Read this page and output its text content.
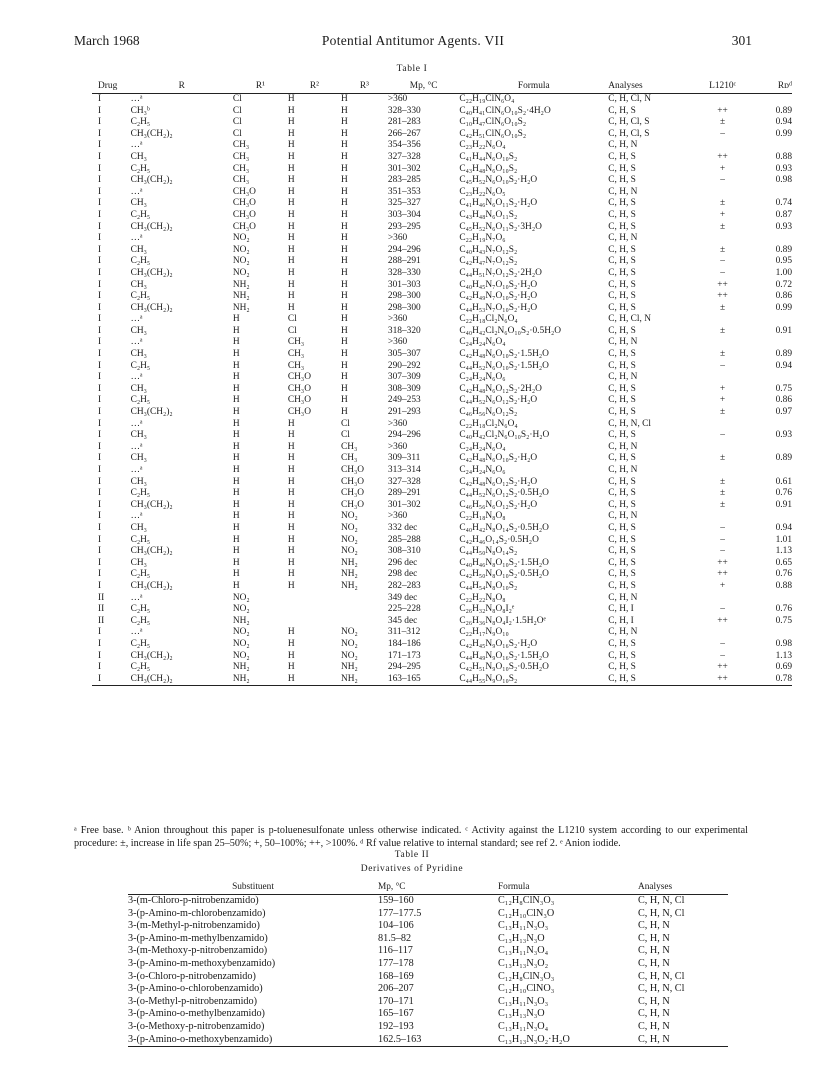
March 1968	Potential Antitumor Agents. VII	301
Table I
Drug	R	R¹	R²	R³	Mp, °C	Formula	Analyses	L1210ᶜ	Rᴅᵈ
I	…ᵃ	Cl	H	H	>360	C₂₂H₁₉ClN₆O₄	C, H, Cl, N		
I	CH₃ᵇ	Cl	H	H	328–330	C₄₀H₄₁ClN₆O₁₀S₂·4H₂O	C, H, S	++	0.89
I	C₂H₅	Cl	H	H	281–283	C₁₀H₄₇ClN₆O₁₀S₂	C, H, Cl, S	±	0.94
I	CH₃(CH₂)₂	Cl	H	H	266–267	C₄₂H₅₁ClN₆O₁₀S₂	C, H, Cl, S	–	0.99
I	…ᵃ	CH₃	H	H	354–356	C₂₃H₂₂N₆O₄	C, H, N		
I	CH₃	CH₃	H	H	327–328	C₄₁H₄₄N₆O₁₀S₂	C, H, S	++	0.88
I	C₂H₅	CH₃	H	H	301–302	C₄₃H₄₈N₆O₁₀S₂	C, H, S	+	0.93
I	CH₃(CH₂)₂	CH₃	H	H	283–285	C₄₅H₅₂N₆O₁₀S₂·H₂O	C, H, S	–	0.98
I	…ᵃ	CH₃O	H	H	351–353	C₂₃H₂₂N₆O₅	C, H, N		
I	CH₃	CH₃O	H	H	325–327	C₄₁H₄₆N₆O₁₁S₂·H₂O	C, H, S	±	0.74
I	C₂H₅	CH₃O	H	H	303–304	C₄₃H₄₈N₆O₁₁S₂	C, H, S	+	0.87
I	CH₃(CH₂)₂	CH₃O	H	H	293–295	C₄₅H₅₂N₆O₁₁S₂·3H₂O	C, H, S	±	0.93
I	…ᵃ	NO₂	H	H	>360	C₂₂H₁₉N₇O₆	C, H, N		
I	CH₃	NO₂	H	H	294–296	C₄₀H₄₃N₇O₁₂S₂	C, H, S	±	0.89
I	C₂H₅	NO₂	H	H	288–291	C₄₂H₄₇N₇O₁₂S₂	C, H, S	–	0.95
I	CH₃(CH₂)₂	NO₂	H	H	328–330	C₄₄H₅₁N₇O₁₂S₂·2H₂O	C, H, S	–	1.00
I	CH₃	NH₂	H	H	301–303	C₄₀H₄₅N₇O₁₀S₂·H₂O	C, H, S	++	0.72
I	C₂H₅	NH₂	H	H	298–300	C₄₂H₄₉N₇O₁₀S₂·H₂O	C, H, S	++	0.86
I	CH₃(CH₂)₂	NH₂	H	H	298–300	C₄₄H₅₃N₇O₁₀S₂·H₂O	C, H, S	±	0.99
I	…ᵃ	H	Cl	H	>360	C₂₂H₁₈Cl₂N₆O₄	C, H, Cl, N		
I	CH₃	H	Cl	H	318–320	C₄₀H₄₂Cl₂N₆O₁₀S₂·0.5H₂O	C, H, S	±	0.91
I	…ᵃ	H	CH₃	H	>360	C₂₄H₂₄N₆O₄	C, H, N		
I	CH₃	H	CH₃	H	305–307	C₄₂H₄₈N₆O₁₀S₂·1.5H₂O	C, H, S	±	0.89
I	C₂H₅	H	CH₃	H	290–292	C₄₄H₅₂N₆O₁₀S₂·1.5H₂O	C, H, S	–	0.94
I	…ᵃ	H	CH₃O	H	307–309	C₂₄H₂₄N₆O₆	C, H, N		
I	CH₃	H	CH₃O	H	308–309	C₄₂H₄₈N₆O₁₂S₂·2H₂O	C, H, S	+	0.75
I	C₂H₅	H	CH₃O	H	249–253	C₄₄H₅₂N₆O₁₂S₂·H₂O	C, H, S	+	0.86
I	CH₃(CH₂)₂	H	CH₃O	H	291–293	C₄₆H₅₆N₆O₁₂S₂	C, H, S	±	0.97
I	…ᵃ	H	H	Cl	>360	C₂₂H₁₈Cl₂N₆O₄	C, H, N, Cl		
I	CH₃	H	H	Cl	294–296	C₄₀H₄₂Cl₂N₆O₁₀S₂·H₂O	C, H, S	–	0.93
I	…ᵃ	H	H	CH₃	>360	C₂₄H₂₄N₆O₄	C, H, N		
I	CH₃	H	H	CH₃	309–311	C₄₂H₄₈N₆O₁₀S₂·H₂O	C, H, S	±	0.89
I	…ᵃ	H	H	CH₃O	313–314	C₂₄H₂₄N₆O₆	C, H, N		
I	CH₃	H	H	CH₃O	327–328	C₄₂H₄₈N₆O₁₂S₂·H₂O	C, H, S	±	0.61
I	C₂H₅	H	H	CH₃O	289–291	C₄₄H₅₂N₆O₁₂S₂·0.5H₂O	C, H, S	±	0.76
I	CH₃(CH₂)₂	H	H	CH₃O	301–302	C₄₆H₅₆N₆O₁₂S₂·H₂O	C, H, S	±	0.91
I	…ᵃ	H	H	NO₂	>360	C₂₂H₁₈N₈O₈	C, H, N		
I	CH₃	H	H	NO₂	332 dec	C₄₀H₄₂N₈O₁₄S₂·0.5H₂O	C, H, S	–	0.94
I	C₂H₅	H	H	NO₂	285–288	C₄₂H₄₆O₁₄S₂·0.5H₂O	C, H, S	–	1.01
I	CH₃(CH₂)₂	H	H	NO₂	308–310	C₄₄H₅₀N₈O₁₄S₂	C, H, S	–	1.13
I	CH₃	H	H	NH₂	296 dec	C₄₀H₄₆N₈O₁₀S₂·1.5H₂O	C, H, S	++	0.65
I	C₂H₅	H	H	NH₂	298 dec	C₄₂H₅₀N₈O₁₀S₂·0.5H₂O	C, H, S	++	0.76
I	CH₃(CH₂)₂	H	H	NH₂	282–283	C₄₄H₅₄N₈O₁₀S₂	C, H, S	+	0.88
II	…ᵃ	NO₂			349 dec	C₂₂H₂₂N₈O₈	C, H, N		
II	C₂H₅	NO₂			225–228	C₂₆H₃₂N₈O₈I₂ᵉ	C, H, I	–	0.76
II	C₂H₅	NH₂			345 dec	C₂₆H₃₆N₈O₄I₂·1.5H₂Oᵉ	C, H, I	++	0.75
I	…ᵃ	NO₂	H	NO₂	311–312	C₂₂H₁₇N₉O₁₀	C, H, N		
I	C₂H₅	NO₂	H	NO₂	184–186	C₄₂H₄₅N₉O₁₆S₂·H₂O	C, H, S	–	0.98
I	CH₃(CH₂)₂	NO₂	H	NO₂	171–173	C₄₄H₄₉N₉O₁₆S₂·1.5H₂O	C, H, S	–	1.13
I	C₂H₅	NH₂	H	NH₂	294–295	C₄₂H₅₁N₉O₁₀S₂·0.5H₂O	C, H, S	++	0.69
I	CH₃(CH₂)₂	NH₂	H	NH₂	163–165	C₄₄H₅₅N₉O₁₀S₂	C, H, S	++	0.78
ᵃ Free base. ᵇ Anion throughout this paper is p-toluenesulfonate unless otherwise indicated. ᶜ Activity against the L1210 system according to our experimental procedure: ±, increase in life span 25–50%; +, 50–100%; ++, >100%. ᵈ Rf value relative to internal standard; see ref 2. ᵉ Anion iodide.
Table II
Derivatives of Pyridine
Substituent	Mp, °C	Formula	Analyses
3-(m-Chloro-p-nitrobenzamido)	159–160	C₁₂H₈ClN₃O₃	C, H, N, Cl
3-(p-Amino-m-chlorobenzamido)	177–177.5	C₁₂H₁₀ClN₃O	C, H, N, Cl
3-(m-Methyl-p-nitrobenzamido)	104–106	C₁₃H₁₁N₃O₃	C, H, N
3-(p-Amino-m-methylbenzamido)	81.5–82	C₁₃H₁₃N₃O	C, H, N
3-(m-Methoxy-p-nitrobenzamido)	116–117	C₁₃H₁₁N₃O₄	C, H, N
3-(p-Amino-m-methoxybenzamido)	177–178	C₁₃H₁₃N₃O₂	C, H, N
3-(o-Chloro-p-nitrobenzamido)	168–169	C₁₂H₈ClN₃O₃	C, H, N, Cl
3-(p-Amino-o-chlorobenzamido)	206–207	C₁₂H₁₀ClNO₃	C, H, N, Cl
3-(o-Methyl-p-nitrobenzamido)	170–171	C₁₃H₁₁N₃O₃	C, H, N
3-(p-Amino-o-methylbenzamido)	165–167	C₁₃H₁₃N₃O	C, H, N
3-(o-Methoxy-p-nitrobenzamido)	192–193	C₁₃H₁₁N₃O₄	C, H, N
3-(p-Amino-o-methoxybenzamido)	162.5–163	C₁₃H₁₃N₃O₂·H₂O	C, H, N
